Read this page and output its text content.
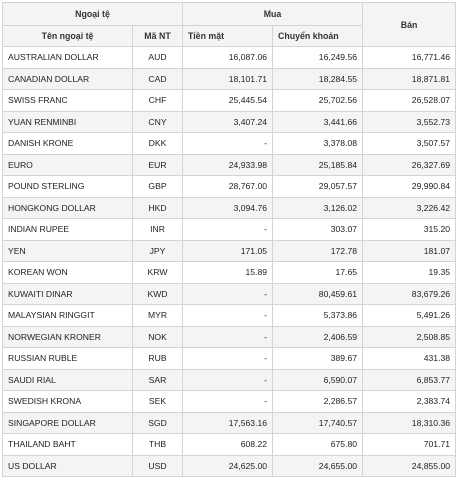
Ngoại tệ		Mua		Bán
Tên ngoại tệ	Mã NT	Tiền mặt	Chuyển khoản	
AUSTRALIAN DOLLAR	AUD	16,087.06	16,249.56	16,771.46
CANADIAN DOLLAR	CAD	18,101.71	18,284.55	18,871.81
SWISS FRANC	CHF	25,445.54	25,702.56	26,528.07
YUAN RENMINBI	CNY	3,407.24	3,441.66	3,552.73
DANISH KRONE	DKK	-	3,378.08	3,507.57
EURO	EUR	24,933.98	25,185.84	26,327.69
POUND STERLING	GBP	28,767.00	29,057.57	29,990.84
HONGKONG DOLLAR	HKD	3,094.76	3,126.02	3,226.42
INDIAN RUPEE	INR	-	303.07	315.20
YEN	JPY	171.05	172.78	181.07
KOREAN WON	KRW	15.89	17.65	19.35
KUWAITI DINAR	KWD	-	80,459.61	83,679.26
MALAYSIAN RINGGIT	MYR	-	5,373.86	5,491.26
NORWEGIAN KRONER	NOK	-	2,406.59	2,508.85
RUSSIAN RUBLE	RUB	-	389.67	431.38
SAUDI RIAL	SAR	-	6,590.07	6,853.77
SWEDISH KRONA	SEK	-	2,286.57	2,383.74
SINGAPORE DOLLAR	SGD	17,563.16	17,740.57	18,310.36
THAILAND BAHT	THB	608.22	675.80	701.71
US DOLLAR	USD	24,625.00	24,655.00	24,855.00
